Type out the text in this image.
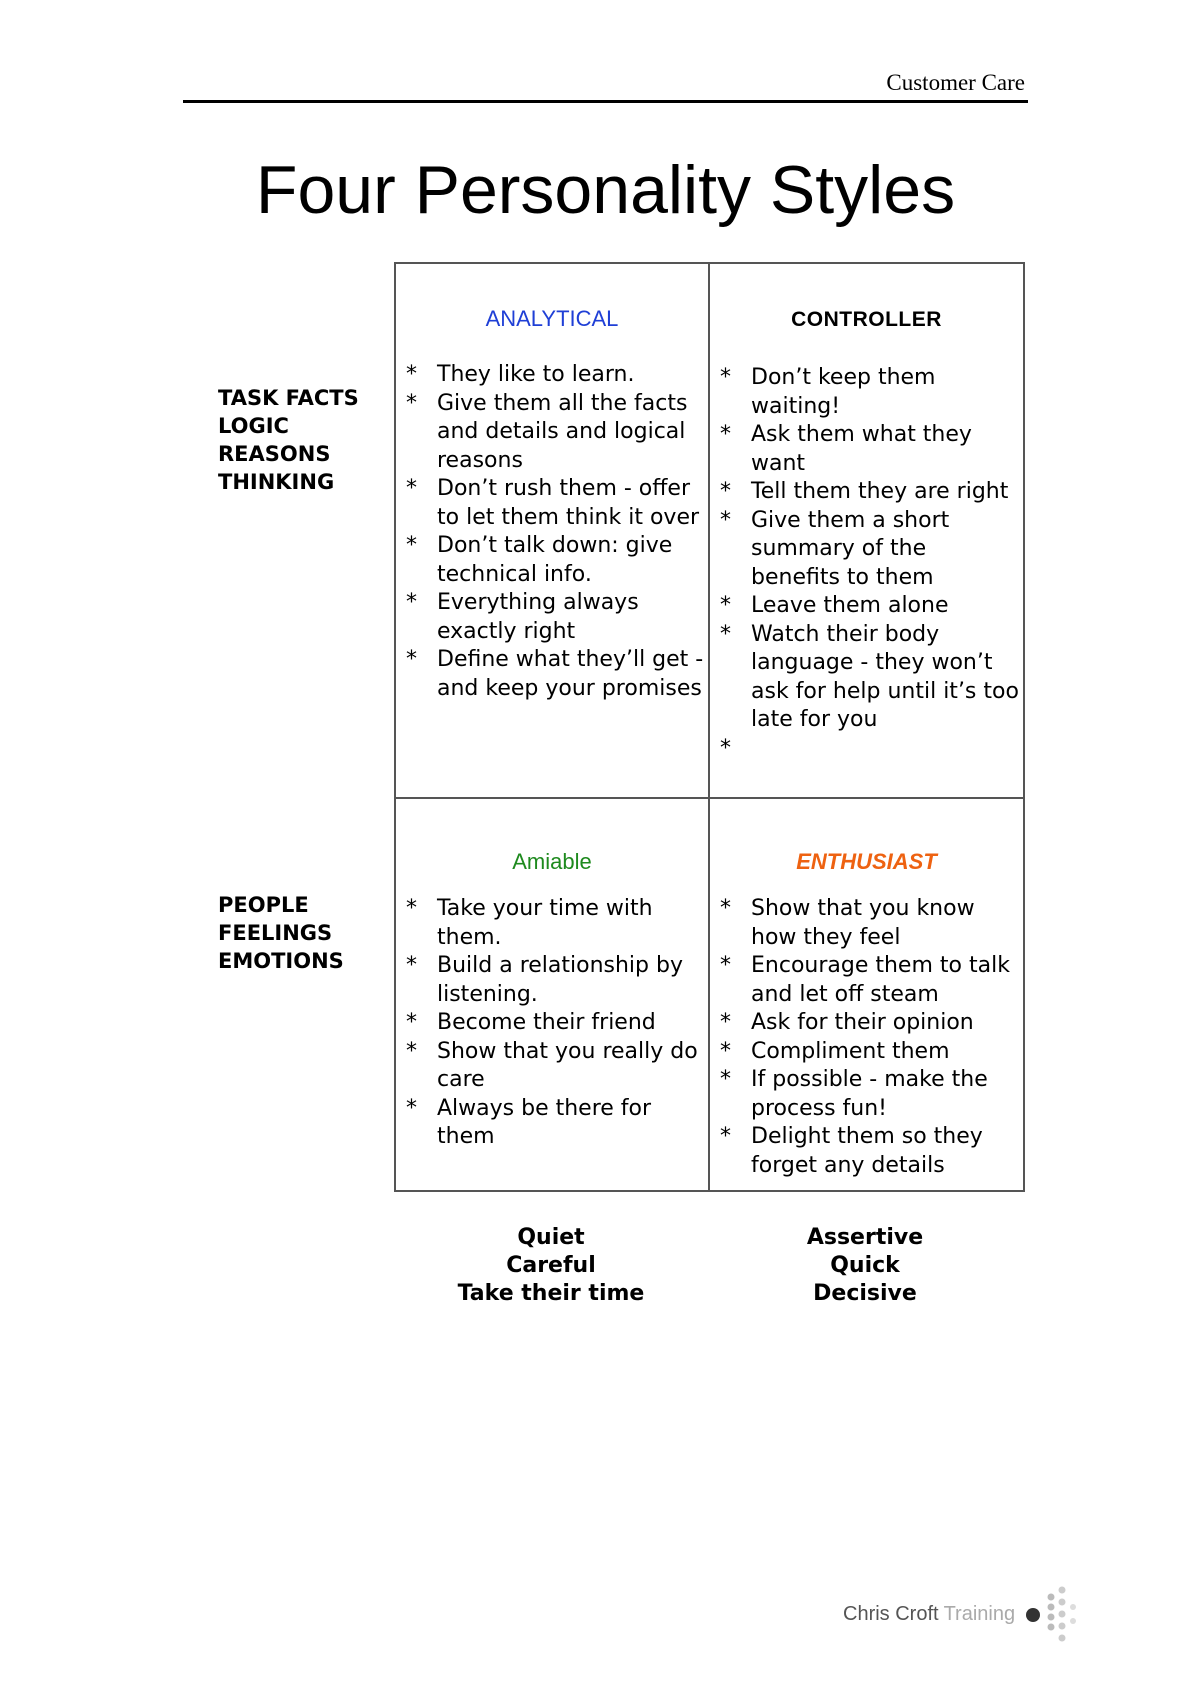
Customer Care
Four Personality Styles
TASK FACTS
LOGIC
REASONS
THINKING
PEOPLE
FEELINGS
EMOTIONS
ANALYTICAL
* They like to learn.
* Give them all the facts and details and logical reasons
* Don’t rush them - offer to let them think it over
* Don’t talk down: give technical info.
* Everything always exactly right
* Define what they’ll get - and keep your promises
CONTROLLER
* Don’t keep them waiting!
* Ask them what they want
* Tell them they are right
* Give them a short summary of the benefits to them
* Leave them alone
* Watch their body language - they won’t ask for help until it’s too late for you
*
Amiable
* Take your time with them.
* Build a relationship by listening.
* Become their friend
* Show that you really do care
* Always be there for them
ENTHUSIAST
* Show that you know how they feel
* Encourage them to talk and let off steam
* Ask for their opinion
* Compliment them
* If possible - make the process fun!
* Delight them so they forget any details
Quiet
Careful
Take their time
Assertive
Quick
Decisive
Chris Croft Training
